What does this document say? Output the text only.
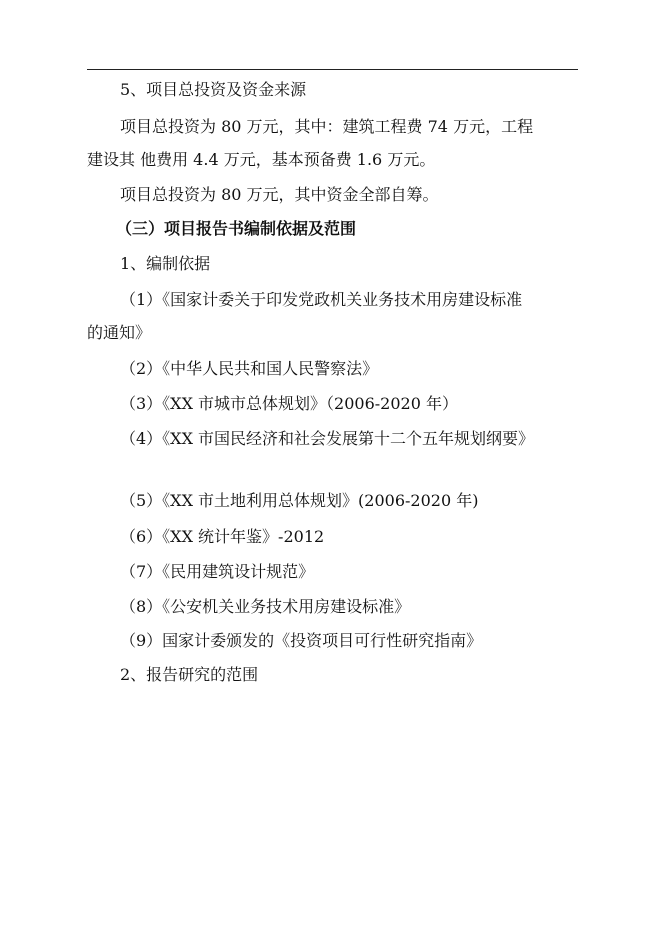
5、项目总投资及资金来源
项目总投资为 80 万元，其中：建筑工程费 74 万元，工程
建设其 他费用 4.4 万元，基本预备费 1.6 万元。
项目总投资为 80 万元，其中资金全部自筹。
（三）项目报告书编制依据及范围
1、编制依据
（1）《国家计委关于印发党政机关业务技术用房建设标准
的通知》
（2）《中华人民共和国人民警察法》
（3）《XX 市城市总体规划》（2006-2020 年）
（4）《XX 市国民经济和社会发展第十二个五年规划纲要》
（5）《XX 市土地利用总体规划》(2006-2020 年)
（6）《XX 统计年鉴》-2012
（7）《民用建筑设计规范》
（8）《公安机关业务技术用房建设标准》
（9）国家计委颁发的《投资项目可行性研究指南》
2、报告研究的范围
